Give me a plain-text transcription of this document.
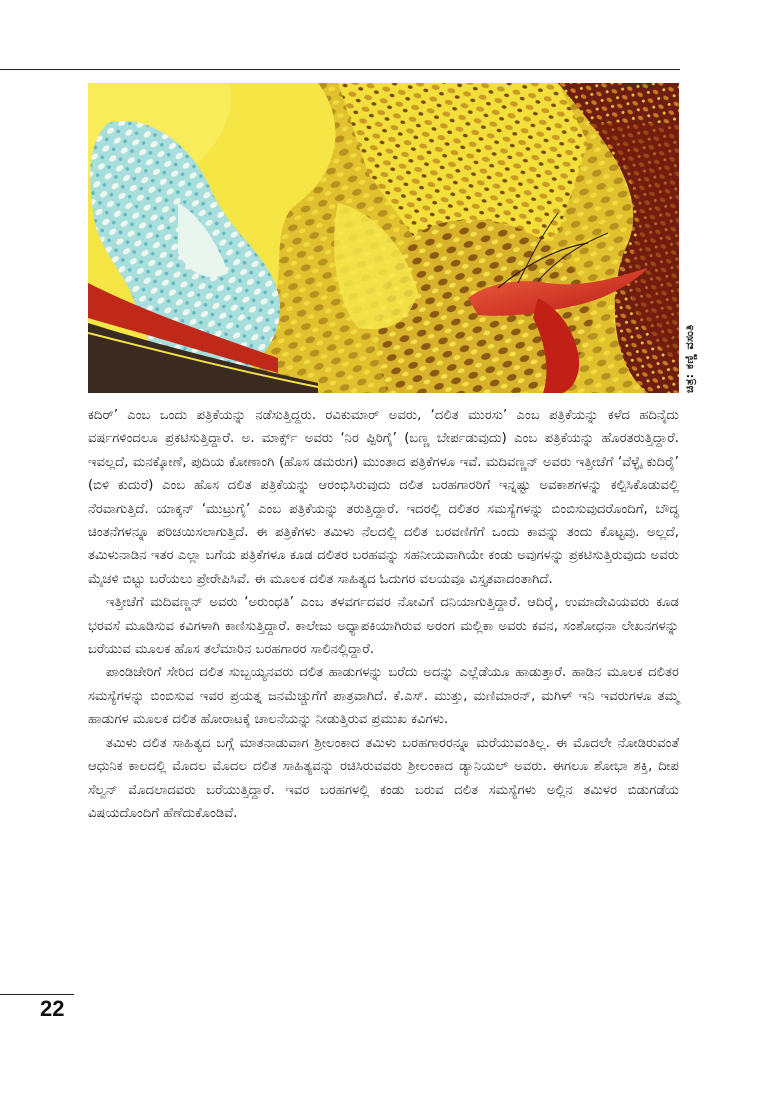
ಚಿತ್ರ: ಕಣ್ಣಿ ವಸಂತಿ

ಕದಿರ್’ ಎಂಬ ಒಂದು ಪತ್ರಿಕೆಯನ್ನು ನಡೆಸುತ್ತಿದ್ದರು. ರವಿಕುಮಾರ್ ಅವರು, ‘ದಲಿತ ಮುರಸು’ ಎಂಬ ಪತ್ರಿಕೆಯನ್ನು ಕಳೆದ ಹದಿನೈದು ವರ್ಷಗಳಿಂದಲೂ ಪ್ರಕಟಿಸುತ್ತಿದ್ದಾರೆ. ಅ. ಮಾರ್ಕ್ಸ್ ಅವರು ‘ನಿರ ಪ್ಪಿರಿಗೈ’ (ಬಣ್ಣ ಬೇರ್ಪಡುವುದು) ಎಂಬ ಪತ್ರಿಕೆಯನ್ನು ಹೊರತರುತ್ತಿದ್ದಾರೆ. ಇವಲ್ಲದೆ, ಮನಕ್ಕೋಣೆ, ಪುದಿಯ ಕೋಣಾಂಗಿ (ಹೊಸ ಡಮರುಗ) ಮುಂತಾದ ಪತ್ರಿಕೆಗಳೂ ಇವೆ. ಮದಿವಣ್ಣನ್ ಅವರು ಇತ್ತೀಚೆಗೆ ‘ವೆಳ್ಳೈ ಕುದಿರೈ’ (ಬಿಳಿ ಕುದುರೆ) ಎಂಬ ಹೊಸ ದಲಿತ ಪತ್ರಿಕೆಯನ್ನು ಆರಂಭಿಸಿರುವುದು ದಲಿತ ಬರಹಗಾರರಿಗೆ ಇನ್ನಷ್ಟು ಅವಕಾಶಗಳನ್ನು ಕಲ್ಪಿಸಿಕೊಡುವಲ್ಲಿ ನೆರವಾಗುತ್ತಿದೆ. ಯಾಕ್ಕನ್ ‘ಮುಟ್ರುಗೈ’ ಎಂಬ ಪತ್ರಿಕೆಯನ್ನು ತರುತ್ತಿದ್ದಾರೆ. ಇದರಲ್ಲಿ ದಲಿತರ ಸಮಸ್ಯೆಗಳನ್ನು ಬಿಂಬಿಸುವುದರೊಂದಿಗೆ, ಬೌದ್ಧ ಚಿಂತನೆಗಳನ್ನೂ ಪರಿಚಯಿಸಲಾಗುತ್ತಿದೆ. ಈ ಪತ್ರಿಕೆಗಳು ತಮಿಳು ನೆಲದಲ್ಲಿ ದಲಿತ ಬರವಣಿಗೆಗೆ ಒಂದು ಕಾವನ್ನು ತಂದು ಕೊಟ್ಟವು. ಅಲ್ಲದೆ, ತಮಿಳುನಾಡಿನ ಇತರ ಎಲ್ಲಾ ಬಗೆಯ ಪತ್ರಿಕೆಗಳೂ ಕೂಡ ದಲಿತರ ಬರಹವನ್ನು ಸಹನೀಯವಾಗಿಯೇ ಕಂಡು ಅವುಗಳನ್ನು ಪ್ರಕಟಿಸುತ್ತಿರುವುದು ಅವರು ಮೈಚಳಿ ಬಿಟ್ಟು ಬರೆಯಲು ಪ್ರೇರೇಪಿಸಿವೆ. ಈ ಮೂಲಕ ದಲಿತ ಸಾಹಿತ್ಯದ ಓದುಗರ ವಲಯವೂ ವಿಸ್ತೃತವಾದಂತಾಗಿದೆ.

ಇತ್ತೀಚೆಗೆ ಮದಿವಣ್ಣನ್ ಅವರು ‘ಅರುಂಧತಿ’ ಎಂಬ ತಳವರ್ಗದವರ ನೋವಿಗೆ ದನಿಯಾಗುತ್ತಿದ್ದಾರೆ. ಆದಿರೈ, ಉಮಾದೇವಿಯವರು ಕೂಡ ಭರವಸೆ ಮೂಡಿಸುವ ಕವಿಗಳಾಗಿ ಕಾಣಿಸುತ್ತಿದ್ದಾರೆ. ಕಾಲೇಜು ಅಧ್ಯಾಪಕಿಯಾಗಿರುವ ಅರಂಗ ಮಲ್ಲಿಕಾ ಅವರು ಕವನ, ಸಂಶೋಧನಾ ಲೇಖನಗಳನ್ನು ಬರೆಯುವ ಮೂಲಕ ಹೊಸ ತಲೆಮಾರಿನ ಬರಹಗಾರರ ಸಾಲಿನಲ್ಲಿದ್ದಾರೆ.

ಪಾಂಡಿಚೇರಿಗೆ ಸೇರಿದ ದಲಿತ ಸುಬ್ಬಯ್ಯನವರು ದಲಿತ ಹಾಡುಗಳನ್ನು ಬರೆದು ಅದನ್ನು ಎಲ್ಲೆಡೆಯೂ ಹಾಡುತ್ತಾರೆ. ಹಾಡಿನ ಮೂಲಕ ದಲಿತರ ಸಮಸ್ಯೆಗಳನ್ನು ಬಿಂಬಿಸುವ ಇವರ ಪ್ರಯತ್ನ ಜನಮೆಚ್ಚುಗೆಗೆ ಪಾತ್ರವಾಗಿದೆ. ಕೆ.ಎಸ್. ಮುತ್ತು, ಮಣಿಮಾರನ್, ಮಗಿಳ್ ಇನಿ ಇವರುಗಳೂ ತಮ್ಮ ಹಾಡುಗಳ ಮೂಲಕ ದಲಿತ ಹೋರಾಟಕ್ಕೆ ಚಾಲನೆಯನ್ನು ನೀಡುತ್ತಿರುವ ಪ್ರಮುಖ ಕವಿಗಳು.

ತಮಿಳು ದಲಿತ ಸಾಹಿತ್ಯದ ಬಗ್ಗೆ ಮಾತನಾಡುವಾಗ ಶ್ರೀಲಂಕಾದ ತಮಿಳು ಬರಹಗಾರರನ್ನೂ ಮರೆಯುವಂತಿಲ್ಲ. ಈ ಮೊದಲೇ ನೋಡಿರುವಂತೆ ಆಧುನಿಕ ಕಾಲದಲ್ಲಿ ಮೊದಲ ಮೊದಲ ದಲಿತ ಸಾಹಿತ್ಯವನ್ನು ರಚಿಸಿರುವವರು ಶ್ರೀಲಂಕಾದ ಡ್ಯಾನಿಯಲ್ ಅವರು. ಈಗಲೂ ಶೋಭಾ ಶಕ್ತಿ, ದೀಪ ಸೆಲ್ವನ್ ಮೊದಲಾದವರು ಬರೆಯುತ್ತಿದ್ದಾರೆ. ಇವರ ಬರಹಗಳಲ್ಲಿ ಕಂಡು ಬರುವ ದಲಿತ ಸಮಸ್ಯೆಗಳು ಅಲ್ಲಿನ ತಮಿಳರ ಬಿಡುಗಡೆಯ ವಿಷಯದೊಂದಿಗೆ ಹೆಣೆದುಕೊಂಡಿವೆ.

22
